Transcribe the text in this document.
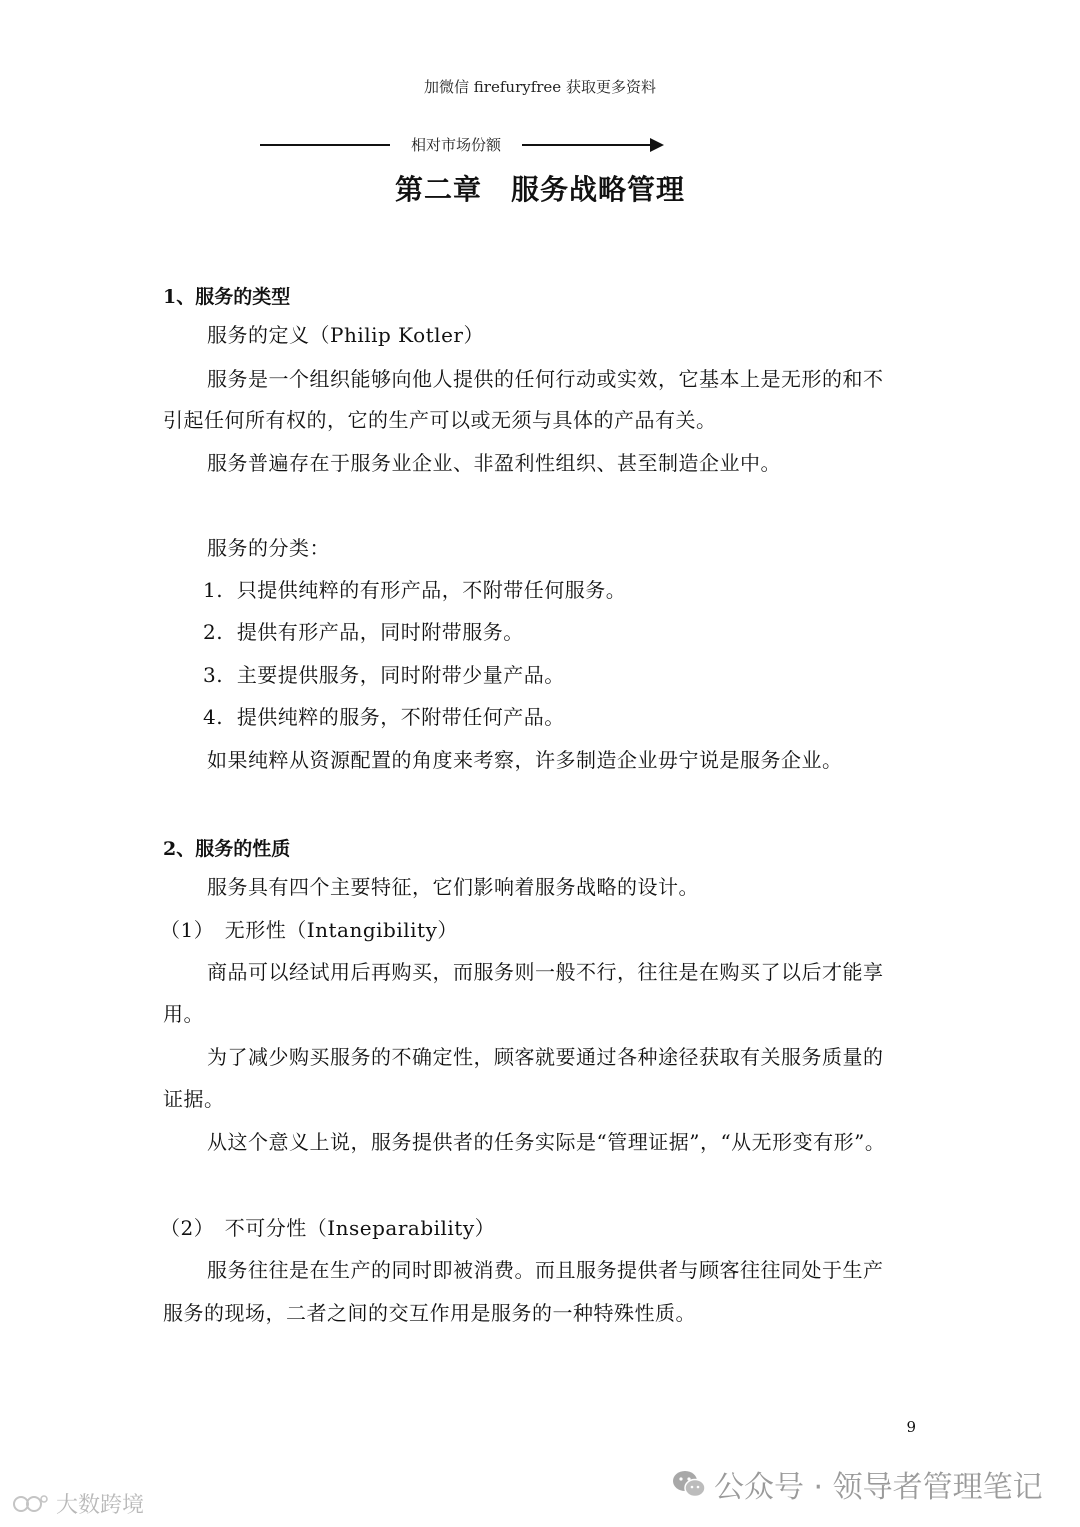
加微信 firefuryfree 获取更多资料
相对市场份额
第二章　服务战略管理
1、服务的类型
服务的定义（Philip Kotler）
服务是一个组织能够向他人提供的任何行动或实效，它基本上是无形的和不
引起任何所有权的，它的生产可以或无须与具体的产品有关。
服务普遍存在于服务业企业、非盈利性组织、甚至制造企业中。
服务的分类：
1. 只提供纯粹的有形产品，不附带任何服务。
2. 提供有形产品，同时附带服务。
3. 主要提供服务，同时附带少量产品。
4. 提供纯粹的服务，不附带任何产品。
如果纯粹从资源配置的角度来考察，许多制造企业毋宁说是服务企业。
2、服务的性质
服务具有四个主要特征，它们影响着服务战略的设计。
（1）　无形性（Intangibility）
商品可以经试用后再购买，而服务则一般不行，往往是在购买了以后才能享
用。
为了减少购买服务的不确定性，顾客就要通过各种途径获取有关服务质量的
证据。
从这个意义上说，服务提供者的任务实际是“管理证据”，“从无形变有形”。
（2）　不可分性（Inseparability）
服务往往是在生产的同时即被消费。而且服务提供者与顾客往往同处于生产
服务的现场，二者之间的交互作用是服务的一种特殊性质。
9
公众号 · 领导者管理笔记
大数跨境
